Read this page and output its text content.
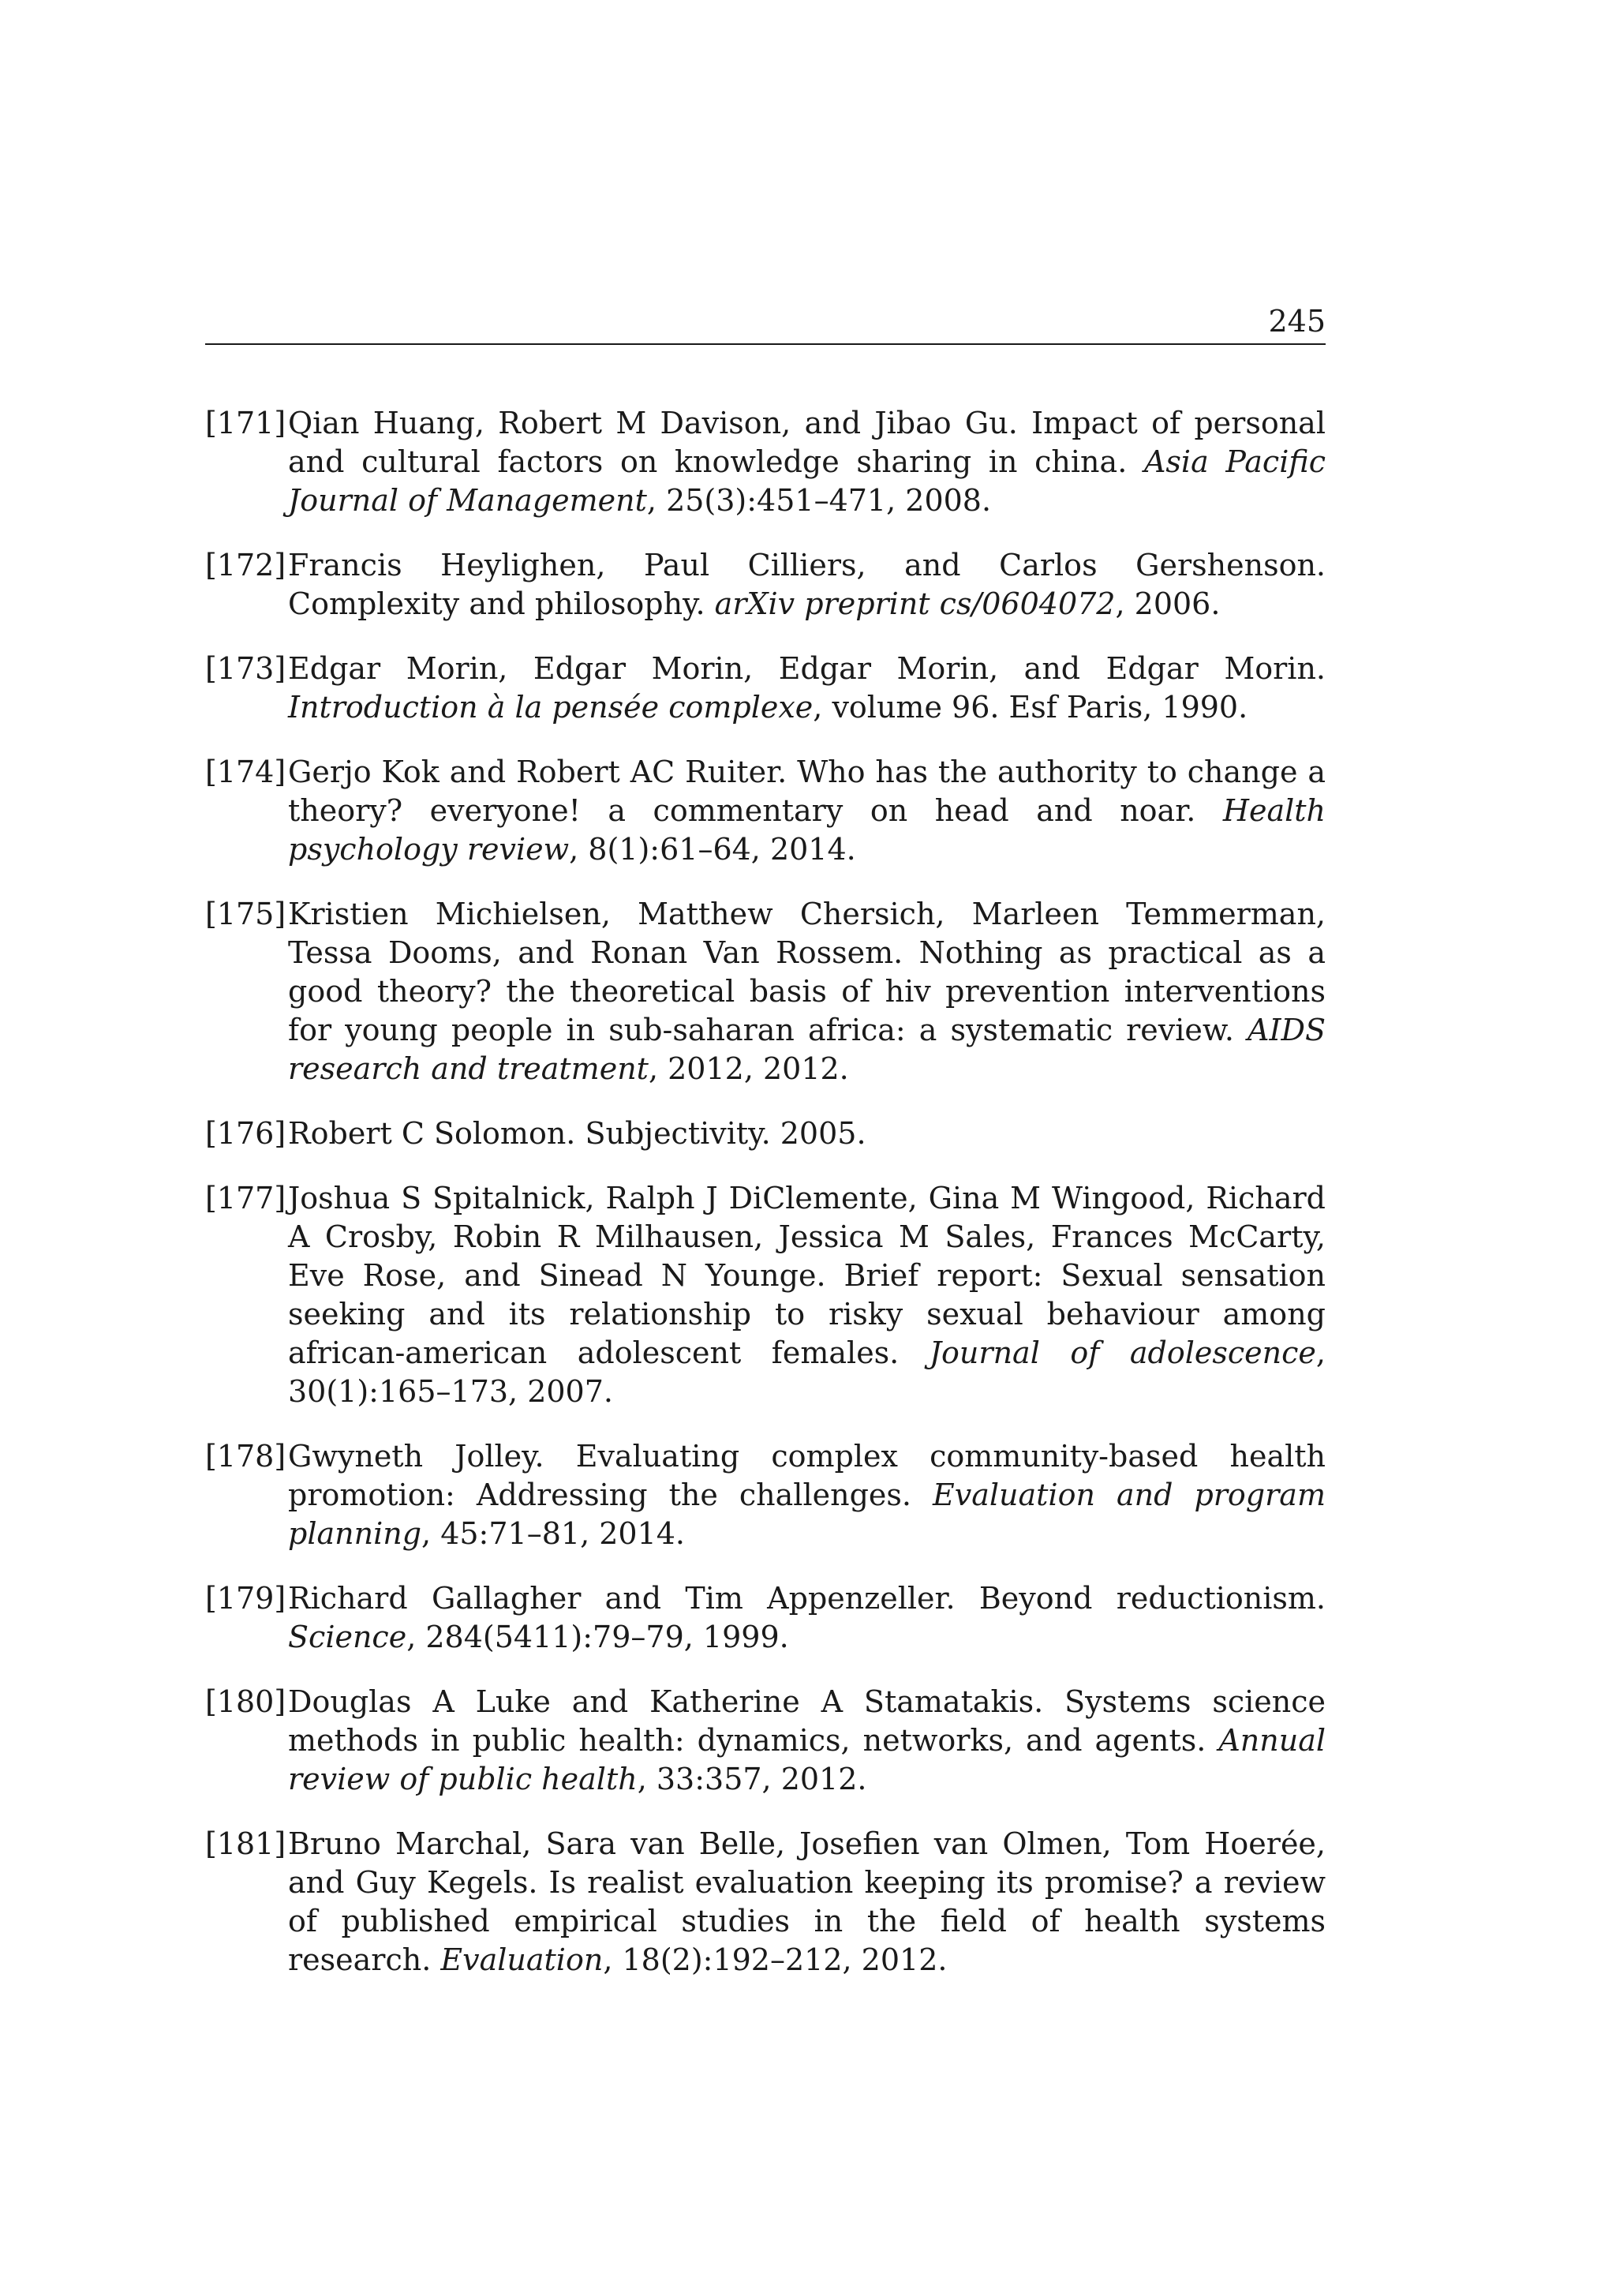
245
[171] Qian Huang, Robert M Davison, and Jibao Gu. Impact of personal and cultural factors on knowledge sharing in china. Asia Pacific Journal of Management, 25(3):451–471, 2008.
[172] Francis Heylighen, Paul Cilliers, and Carlos Gershenson. Complexity and philosophy. arXiv preprint cs/0604072, 2006.
[173] Edgar Morin, Edgar Morin, Edgar Morin, and Edgar Morin. Introduction à la pensée complexe, volume 96. Esf Paris, 1990.
[174] Gerjo Kok and Robert AC Ruiter. Who has the authority to change a theory? everyone! a commentary on head and noar. Health psychology review, 8(1):61–64, 2014.
[175] Kristien Michielsen, Matthew Chersich, Marleen Temmerman, Tessa Dooms, and Ronan Van Rossem. Nothing as practical as a good theory? the theoretical basis of hiv prevention interventions for young people in sub-saharan africa: a systematic review. AIDS research and treatment, 2012, 2012.
[176] Robert C Solomon. Subjectivity. 2005.
[177] Joshua S Spitalnick, Ralph J DiClemente, Gina M Wingood, Richard A Crosby, Robin R Milhausen, Jessica M Sales, Frances McCarty, Eve Rose, and Sinead N Younge. Brief report: Sexual sensation seeking and its relationship to risky sexual behaviour among african-american adolescent females. Journal of adolescence, 30(1):165–173, 2007.
[178] Gwyneth Jolley. Evaluating complex community-based health promotion: Addressing the challenges. Evaluation and program planning, 45:71–81, 2014.
[179] Richard Gallagher and Tim Appenzeller. Beyond reductionism. Science, 284(5411):79–79, 1999.
[180] Douglas A Luke and Katherine A Stamatakis. Systems science methods in public health: dynamics, networks, and agents. Annual review of public health, 33:357, 2012.
[181] Bruno Marchal, Sara van Belle, Josefien van Olmen, Tom Hoerée, and Guy Kegels. Is realist evaluation keeping its promise? a review of published empirical studies in the field of health systems research. Evaluation, 18(2):192–212, 2012.
